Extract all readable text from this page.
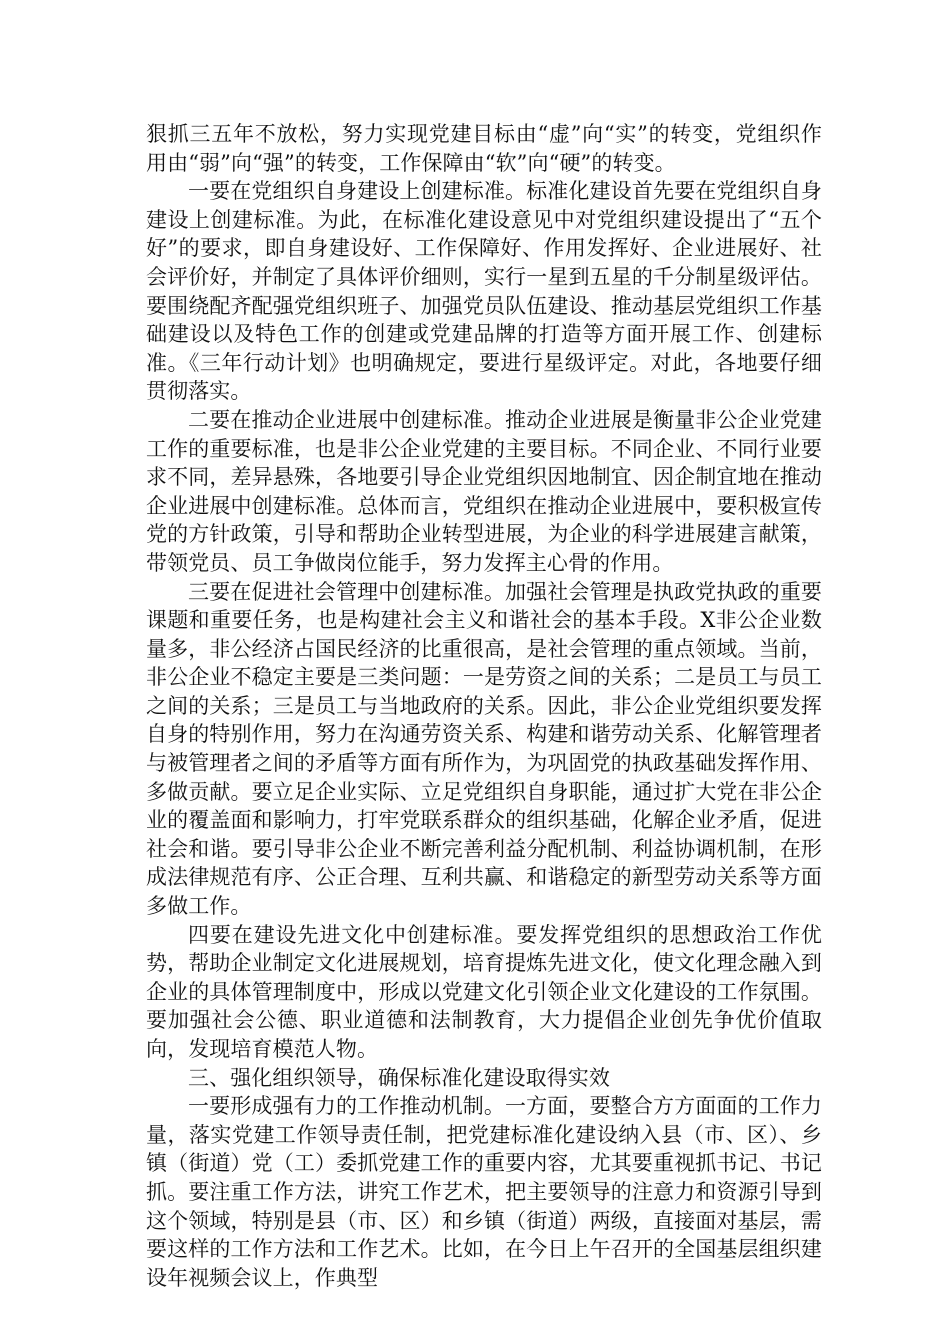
狠抓三五年不放松，努力实现党建目标由“虚”向“实”的转变，党组织作用由“弱”向“强”的转变，工作保障由“软”向“硬”的转变。

一要在党组织自身建设上创建标准。标准化建设首先要在党组织自身建设上创建标准。为此，在标准化建设意见中对党组织建设提出了“五个好”的要求，即自身建设好、工作保障好、作用发挥好、企业进展好、社会评价好，并制定了具体评价细则，实行一星到五星的千分制星级评估。要围绕配齐配强党组织班子、加强党员队伍建设、推动基层党组织工作基础建设以及特色工作的创建或党建品牌的打造等方面开展工作、创建标准。《三年行动计划》也明确规定，要进行星级评定。对此，各地要仔细贯彻落实。

二要在推动企业进展中创建标准。推动企业进展是衡量非公企业党建工作的重要标准，也是非公企业党建的主要目标。不同企业、不同行业要求不同，差异悬殊，各地要引导企业党组织因地制宜、因企制宜地在推动企业进展中创建标准。总体而言，党组织在推动企业进展中，要积极宣传党的方针政策，引导和帮助企业转型进展，为企业的科学进展建言献策，带领党员、员工争做岗位能手，努力发挥主心骨的作用。

三要在促进社会管理中创建标准。加强社会管理是执政党执政的重要课题和重要任务，也是构建社会主义和谐社会的基本手段。X非公企业数量多，非公经济占国民经济的比重很高，是社会管理的重点领域。当前，非公企业不稳定主要是三类问题：一是劳资之间的关系；二是员工与员工之间的关系；三是员工与当地政府的关系。因此，非公企业党组织要发挥自身的特别作用，努力在沟通劳资关系、构建和谐劳动关系、化解管理者与被管理者之间的矛盾等方面有所作为，为巩固党的执政基础发挥作用、多做贡献。要立足企业实际、立足党组织自身职能，通过扩大党在非公企业的覆盖面和影响力，打牢党联系群众的组织基础，化解企业矛盾，促进社会和谐。要引导非公企业不断完善利益分配机制、利益协调机制，在形成法律规范有序、公正合理、互利共赢、和谐稳定的新型劳动关系等方面多做工作。

四要在建设先进文化中创建标准。要发挥党组织的思想政治工作优势，帮助企业制定文化进展规划，培育提炼先进文化，使文化理念融入到企业的具体管理制度中，形成以党建文化引领企业文化建设的工作氛围。要加强社会公德、职业道德和法制教育，大力提倡企业创先争优价值取向，发现培育模范人物。

三、强化组织领导，确保标准化建设取得实效

一要形成强有力的工作推动机制。一方面，要整合方方面面的工作力量，落实党建工作领导责任制，把党建标准化建设纳入县（市、区）、乡镇（街道）党（工）委抓党建工作的重要内容，尤其要重视抓书记、书记抓。要注重工作方法，讲究工作艺术，把主要领导的注意力和资源引导到这个领域，特别是县（市、区）和乡镇（街道）两级，直接面对基层，需要这样的工作方法和工作艺术。比如，在今日上午召开的全国基层组织建设年视频会议上，作典型
